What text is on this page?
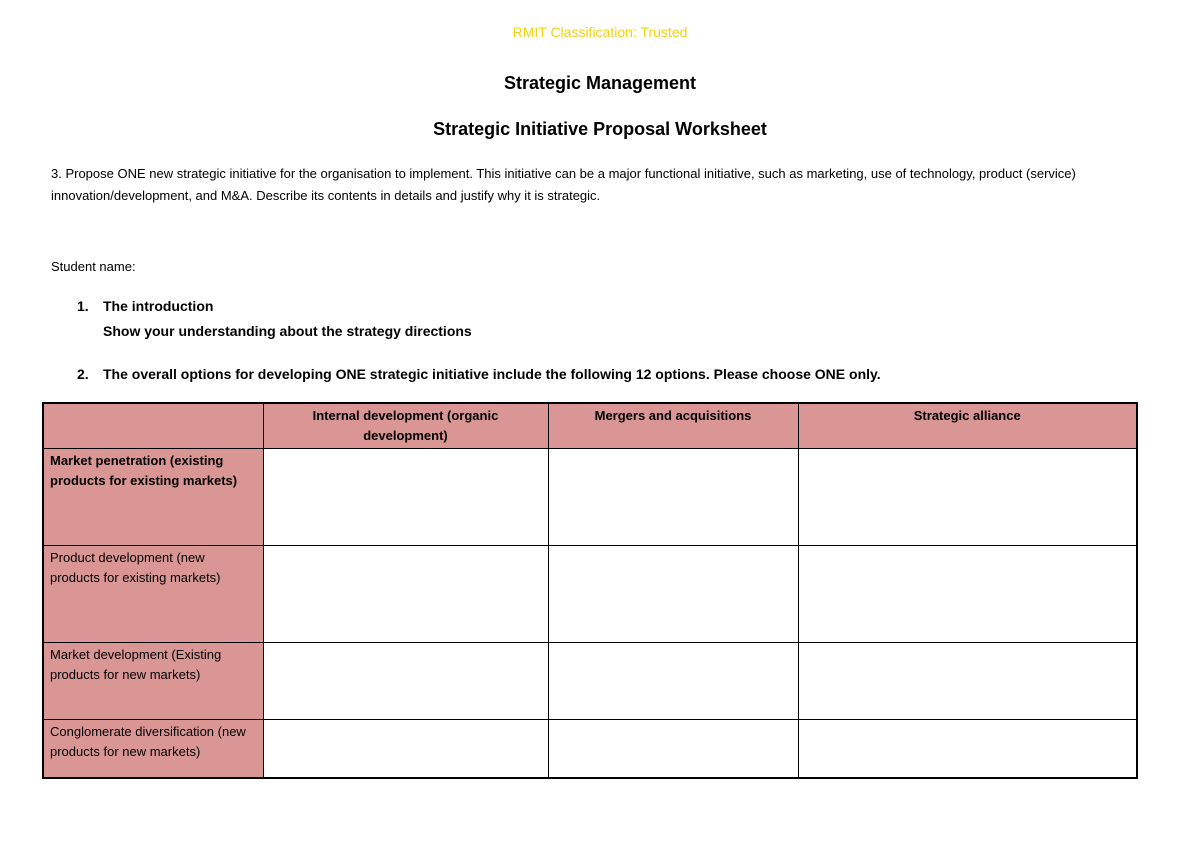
RMIT Classification: Trusted
Strategic Management
Strategic Initiative Proposal Worksheet
3. Propose ONE new strategic initiative for the organisation to implement. This initiative can be a major functional initiative, such as marketing, use of technology, product (service) innovation/development, and M&A. Describe its contents in details and justify why it is strategic.
Student name:
1. The introduction
Show your understanding about the strategy directions
2. The overall options for developing ONE strategic initiative include the following 12 options. Please choose ONE only.
	Internal development (organic development)	Mergers and acquisitions	Strategic alliance
Market penetration (existing products for existing markets)			
Product development (new products for existing markets)			
Market development (Existing products for new markets)			
Conglomerate diversification (new products for new markets)			
